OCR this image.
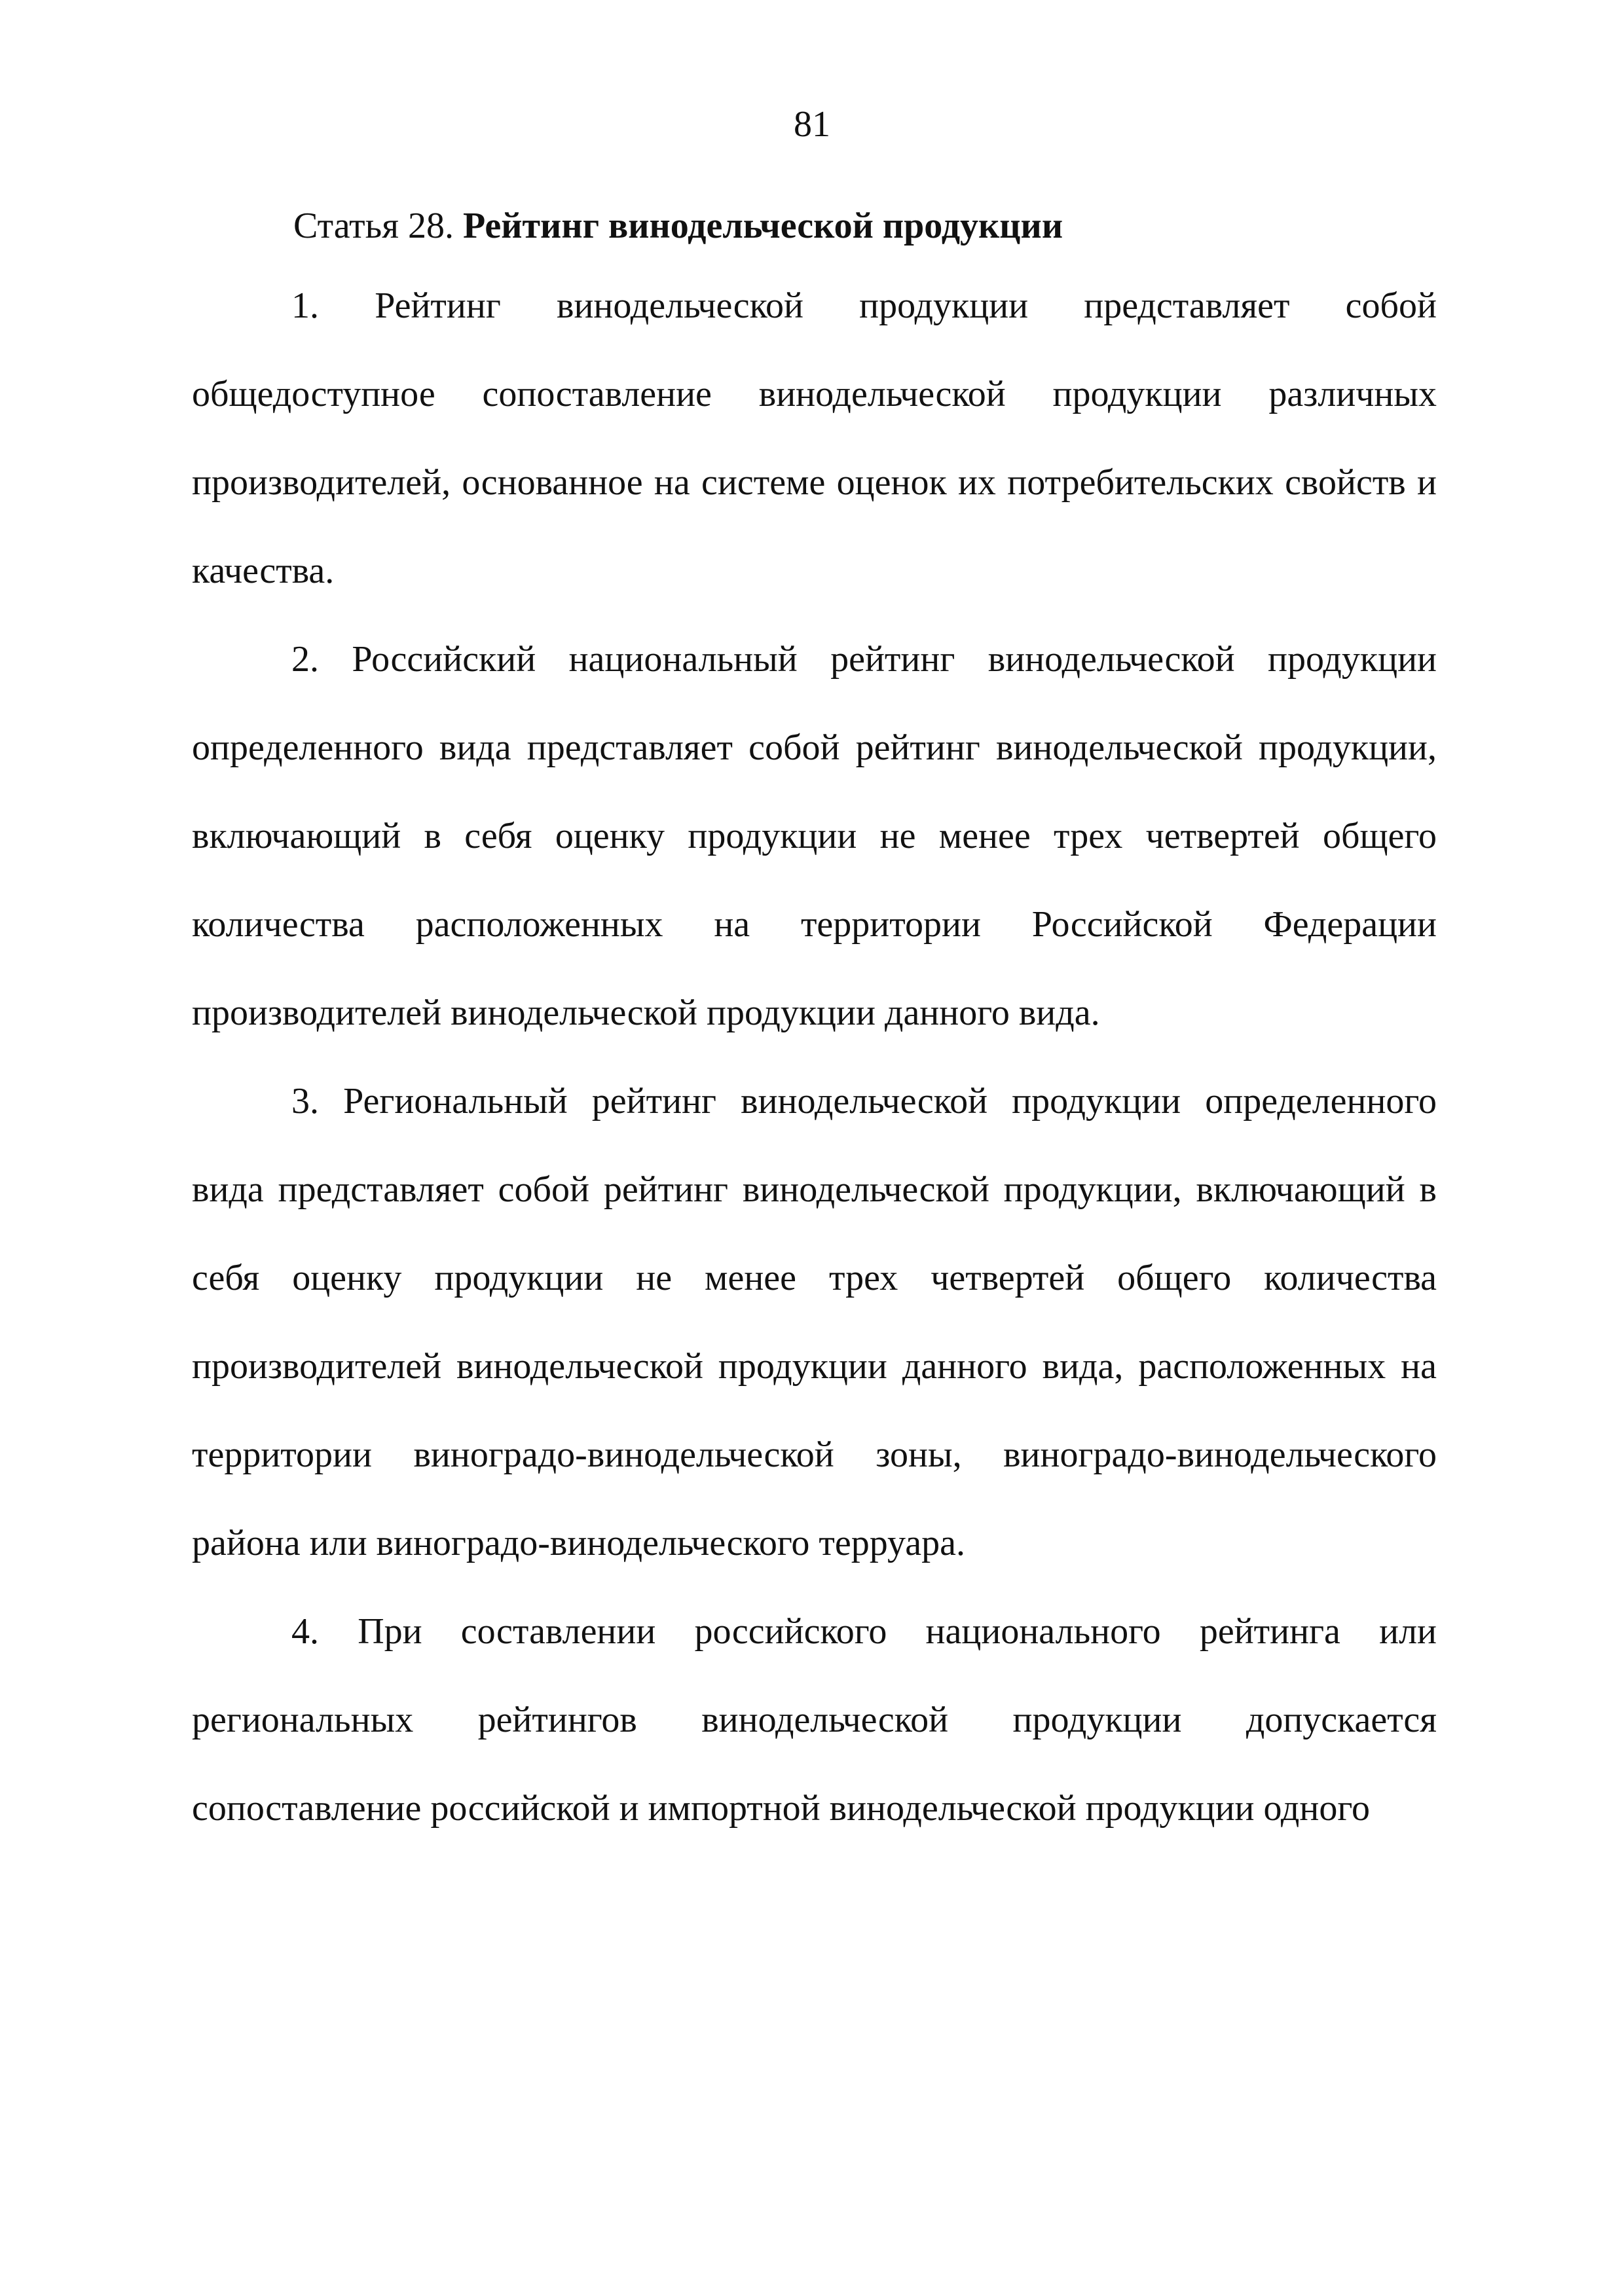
81
Статья 28. Рейтинг винодельческой продукции

1. Рейтинг винодельческой продукции представляет собой общедоступное сопоставление винодельческой продукции различных производителей, основанное на системе оценок их потребительских свойств и качества.

2. Российский национальный рейтинг винодельческой продукции определенного вида представляет собой рейтинг винодельческой продукции, включающий в себя оценку продукции не менее трех четвертей общего количества расположенных на территории Российской Федерации производителей винодельческой продукции данного вида.

3. Региональный рейтинг винодельческой продукции определенного вида представляет собой рейтинг винодельческой продукции, включающий в себя оценку продукции не менее трех четвертей общего количества производителей винодельческой продукции данного вида, расположенных на территории виноградо-винодельческой зоны, виноградо-винодельческого района или виноградо-винодельческого терруара.

4. При составлении российского национального рейтинга или региональных рейтингов винодельческой продукции допускается сопоставление российской и импортной винодельческой продукции одного
